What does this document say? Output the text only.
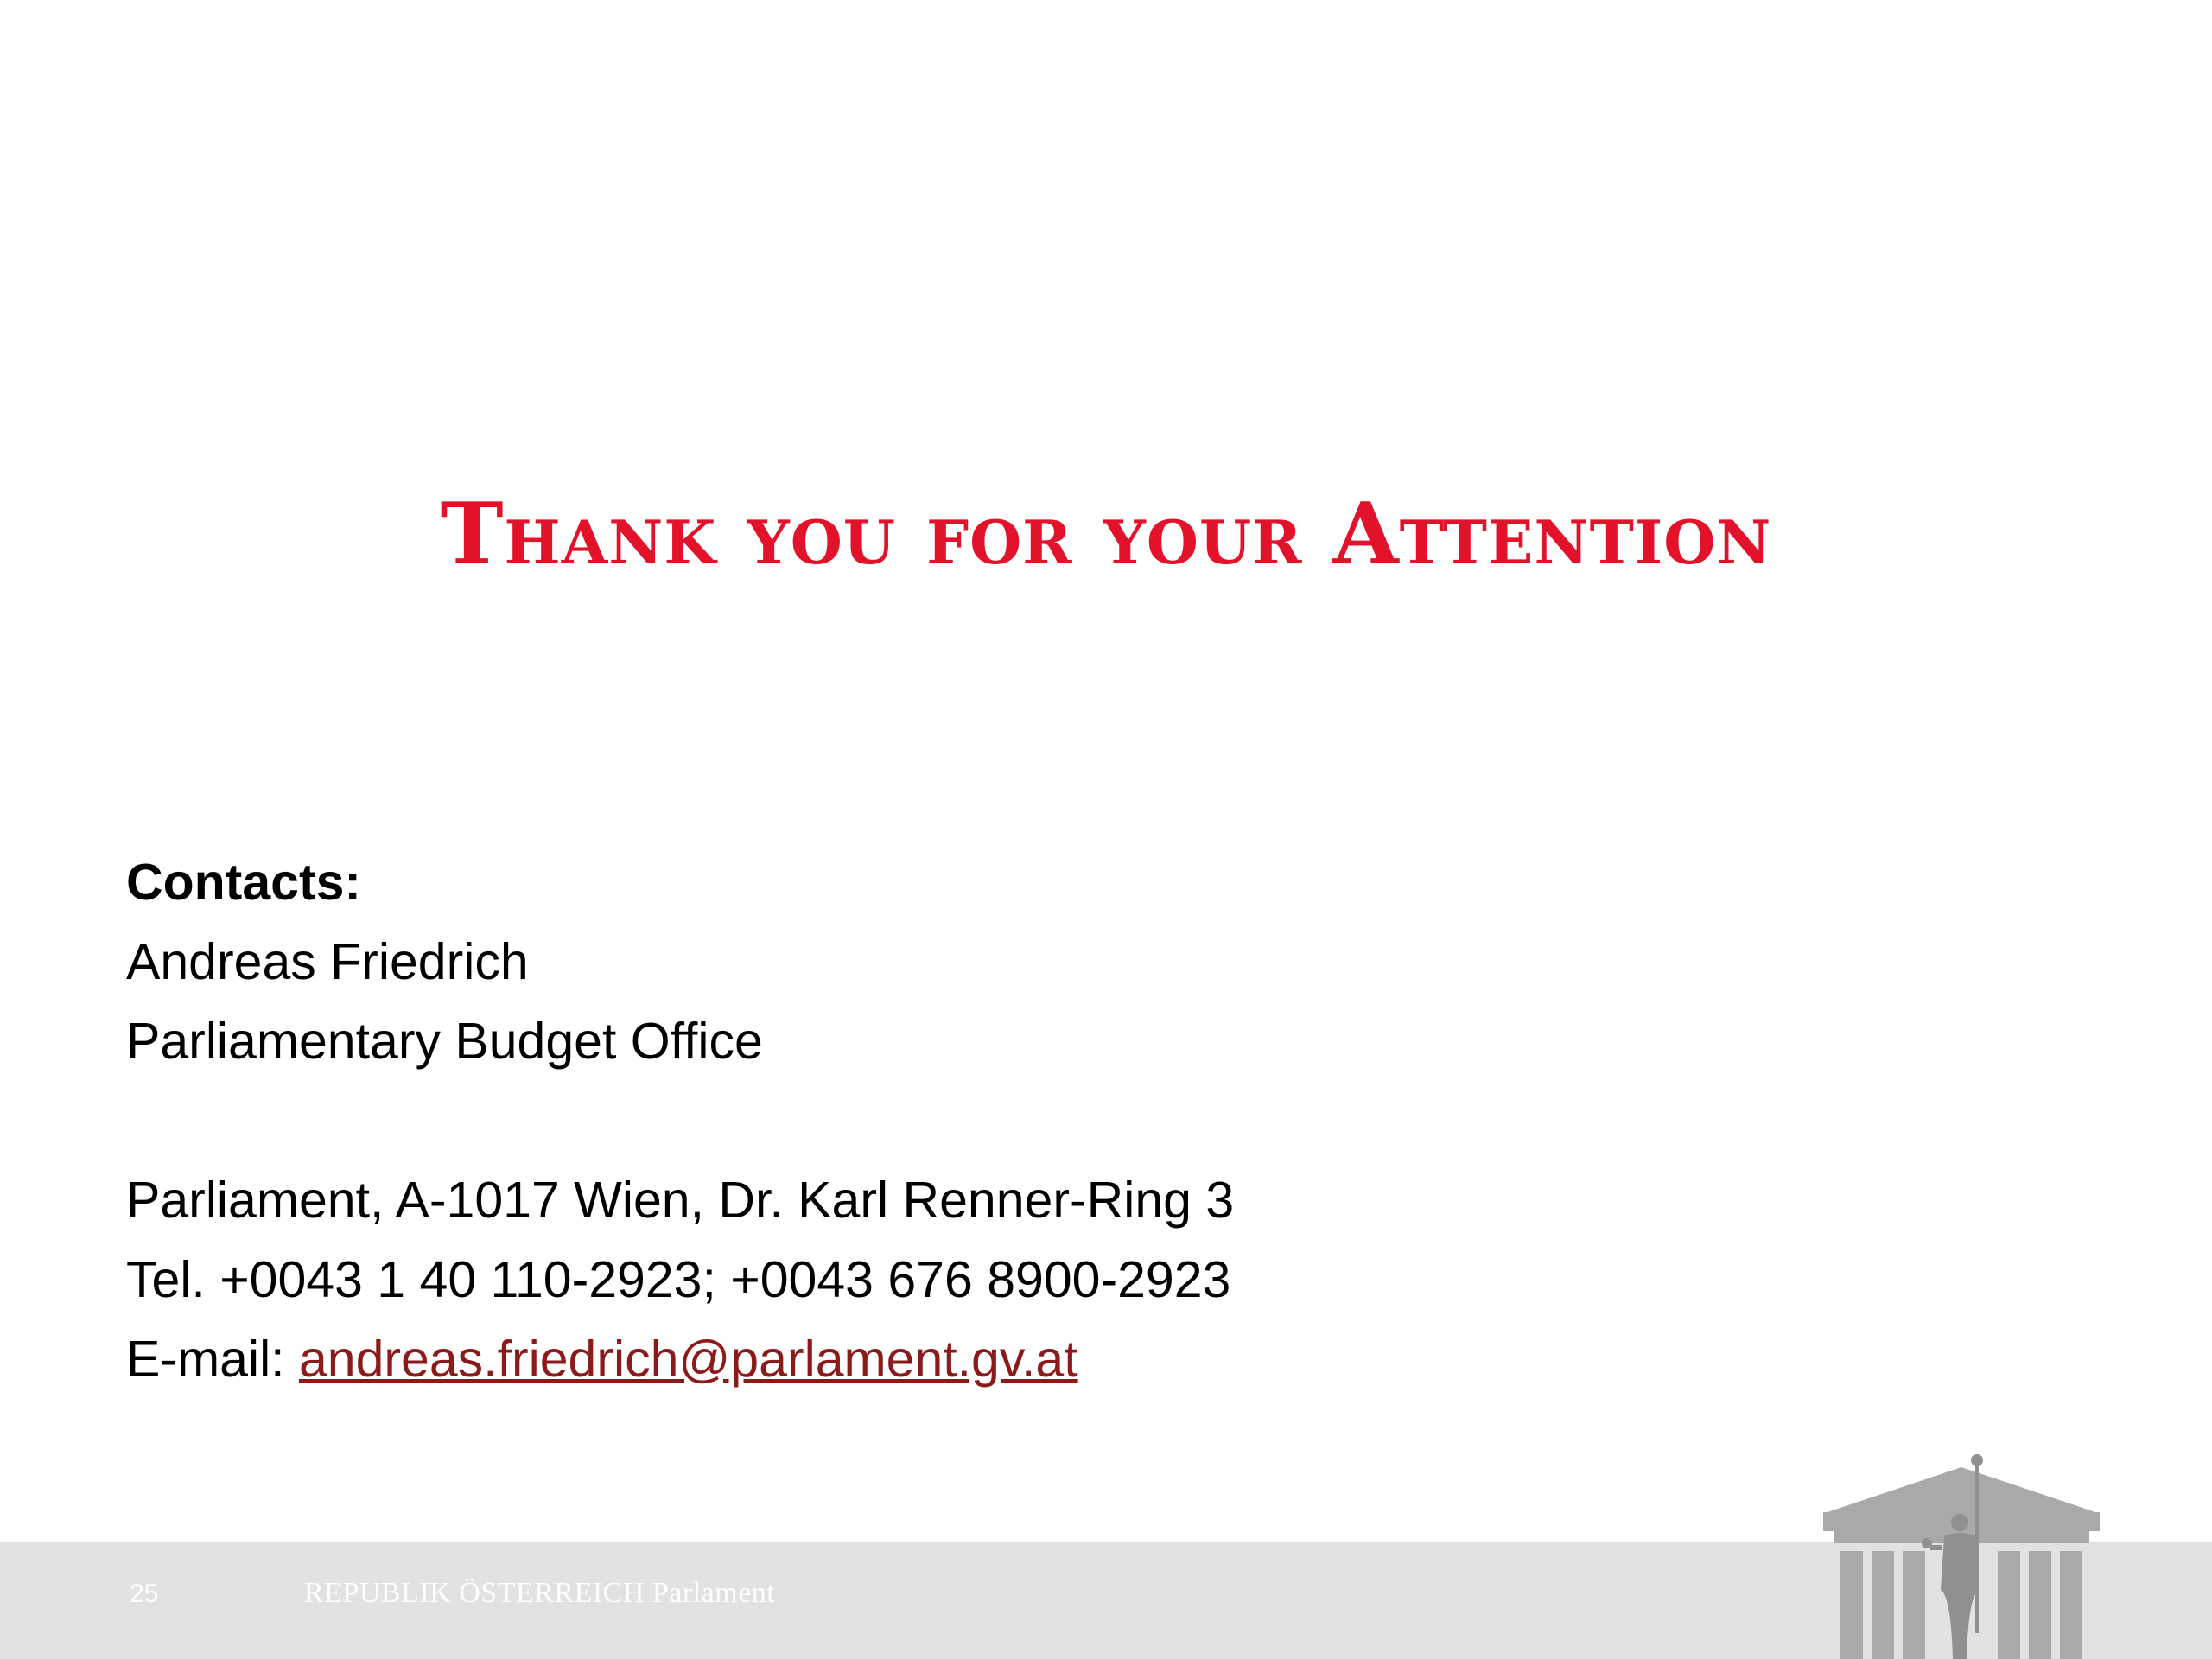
Thank you for your Attention
Contacts:
Andreas Friedrich
Parliamentary Budget Office
Parliament, A-1017 Wien, Dr. Karl Renner-Ring 3
Tel. +0043 1 40 110-2923; +0043 676 8900-2923
E-mail: andreas.friedrich@parlament.gv.at
25	REPUBLIK ÖSTERREICH Parlament
